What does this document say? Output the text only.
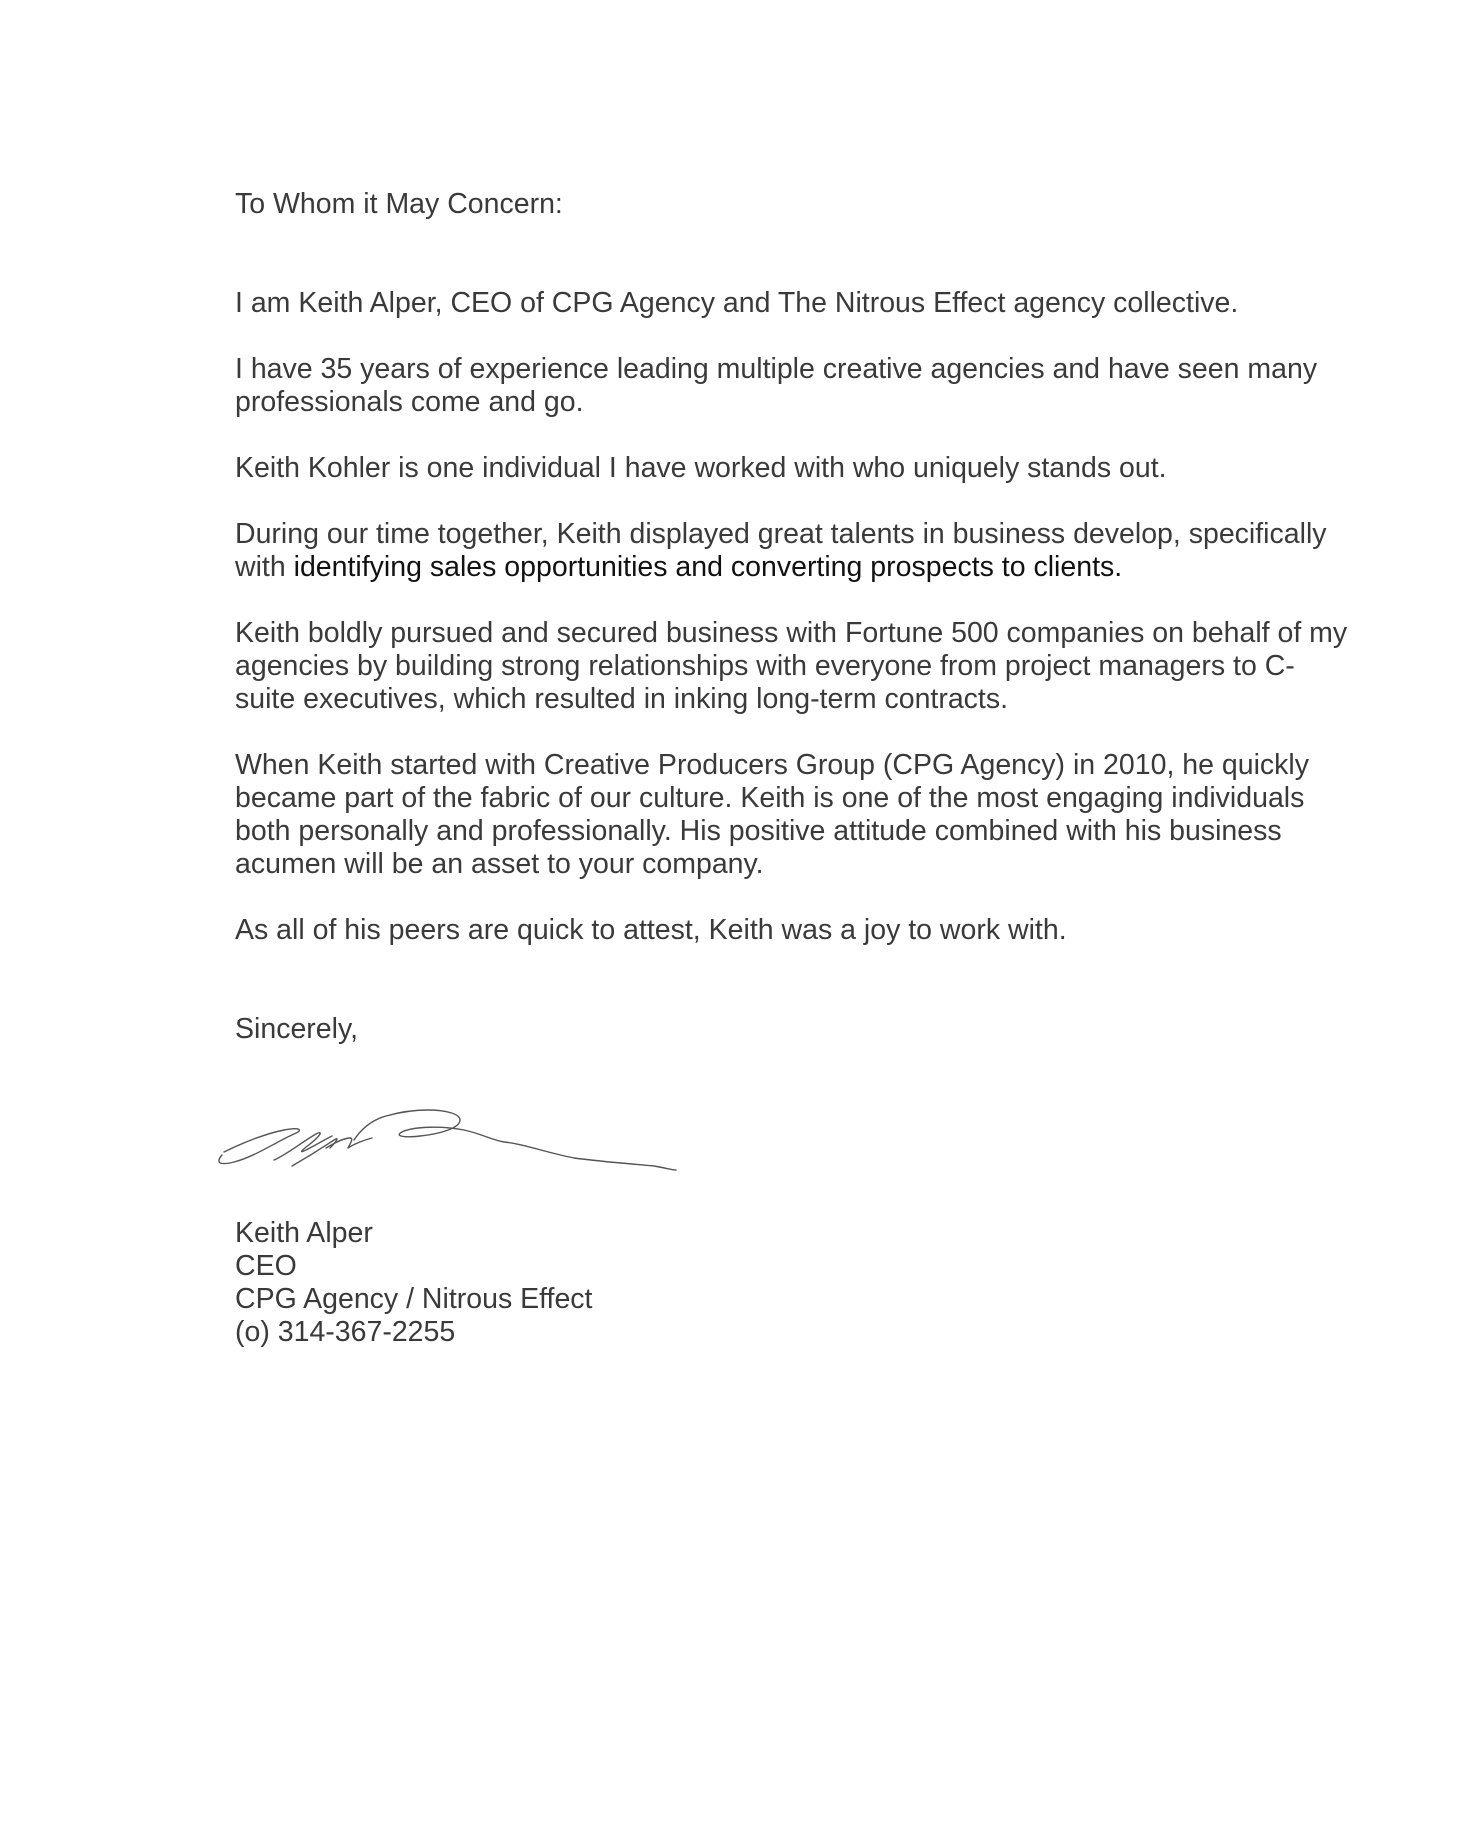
To Whom it May Concern:
I am Keith Alper, CEO of CPG Agency and The Nitrous Effect agency collective.
I have 35 years of experience leading multiple creative agencies and have seen many
professionals come and go.
Keith Kohler is one individual I have worked with who uniquely stands out.
During our time together, Keith displayed great talents in business develop, specifically
with identifying sales opportunities and converting prospects to clients.
Keith boldly pursued and secured business with Fortune 500 companies on behalf of my
agencies by building strong relationships with everyone from project managers to C-
suite executives, which resulted in inking long-term contracts.
When Keith started with Creative Producers Group (CPG Agency) in 2010, he quickly
became part of the fabric of our culture. Keith is one of the most engaging individuals
both personally and professionally. His positive attitude combined with his business
acumen will be an asset to your company.
As all of his peers are quick to attest, Keith was a joy to work with.
Sincerely,
Keith Alper
CEO
CPG Agency / Nitrous Effect
(o) 314-367-2255
